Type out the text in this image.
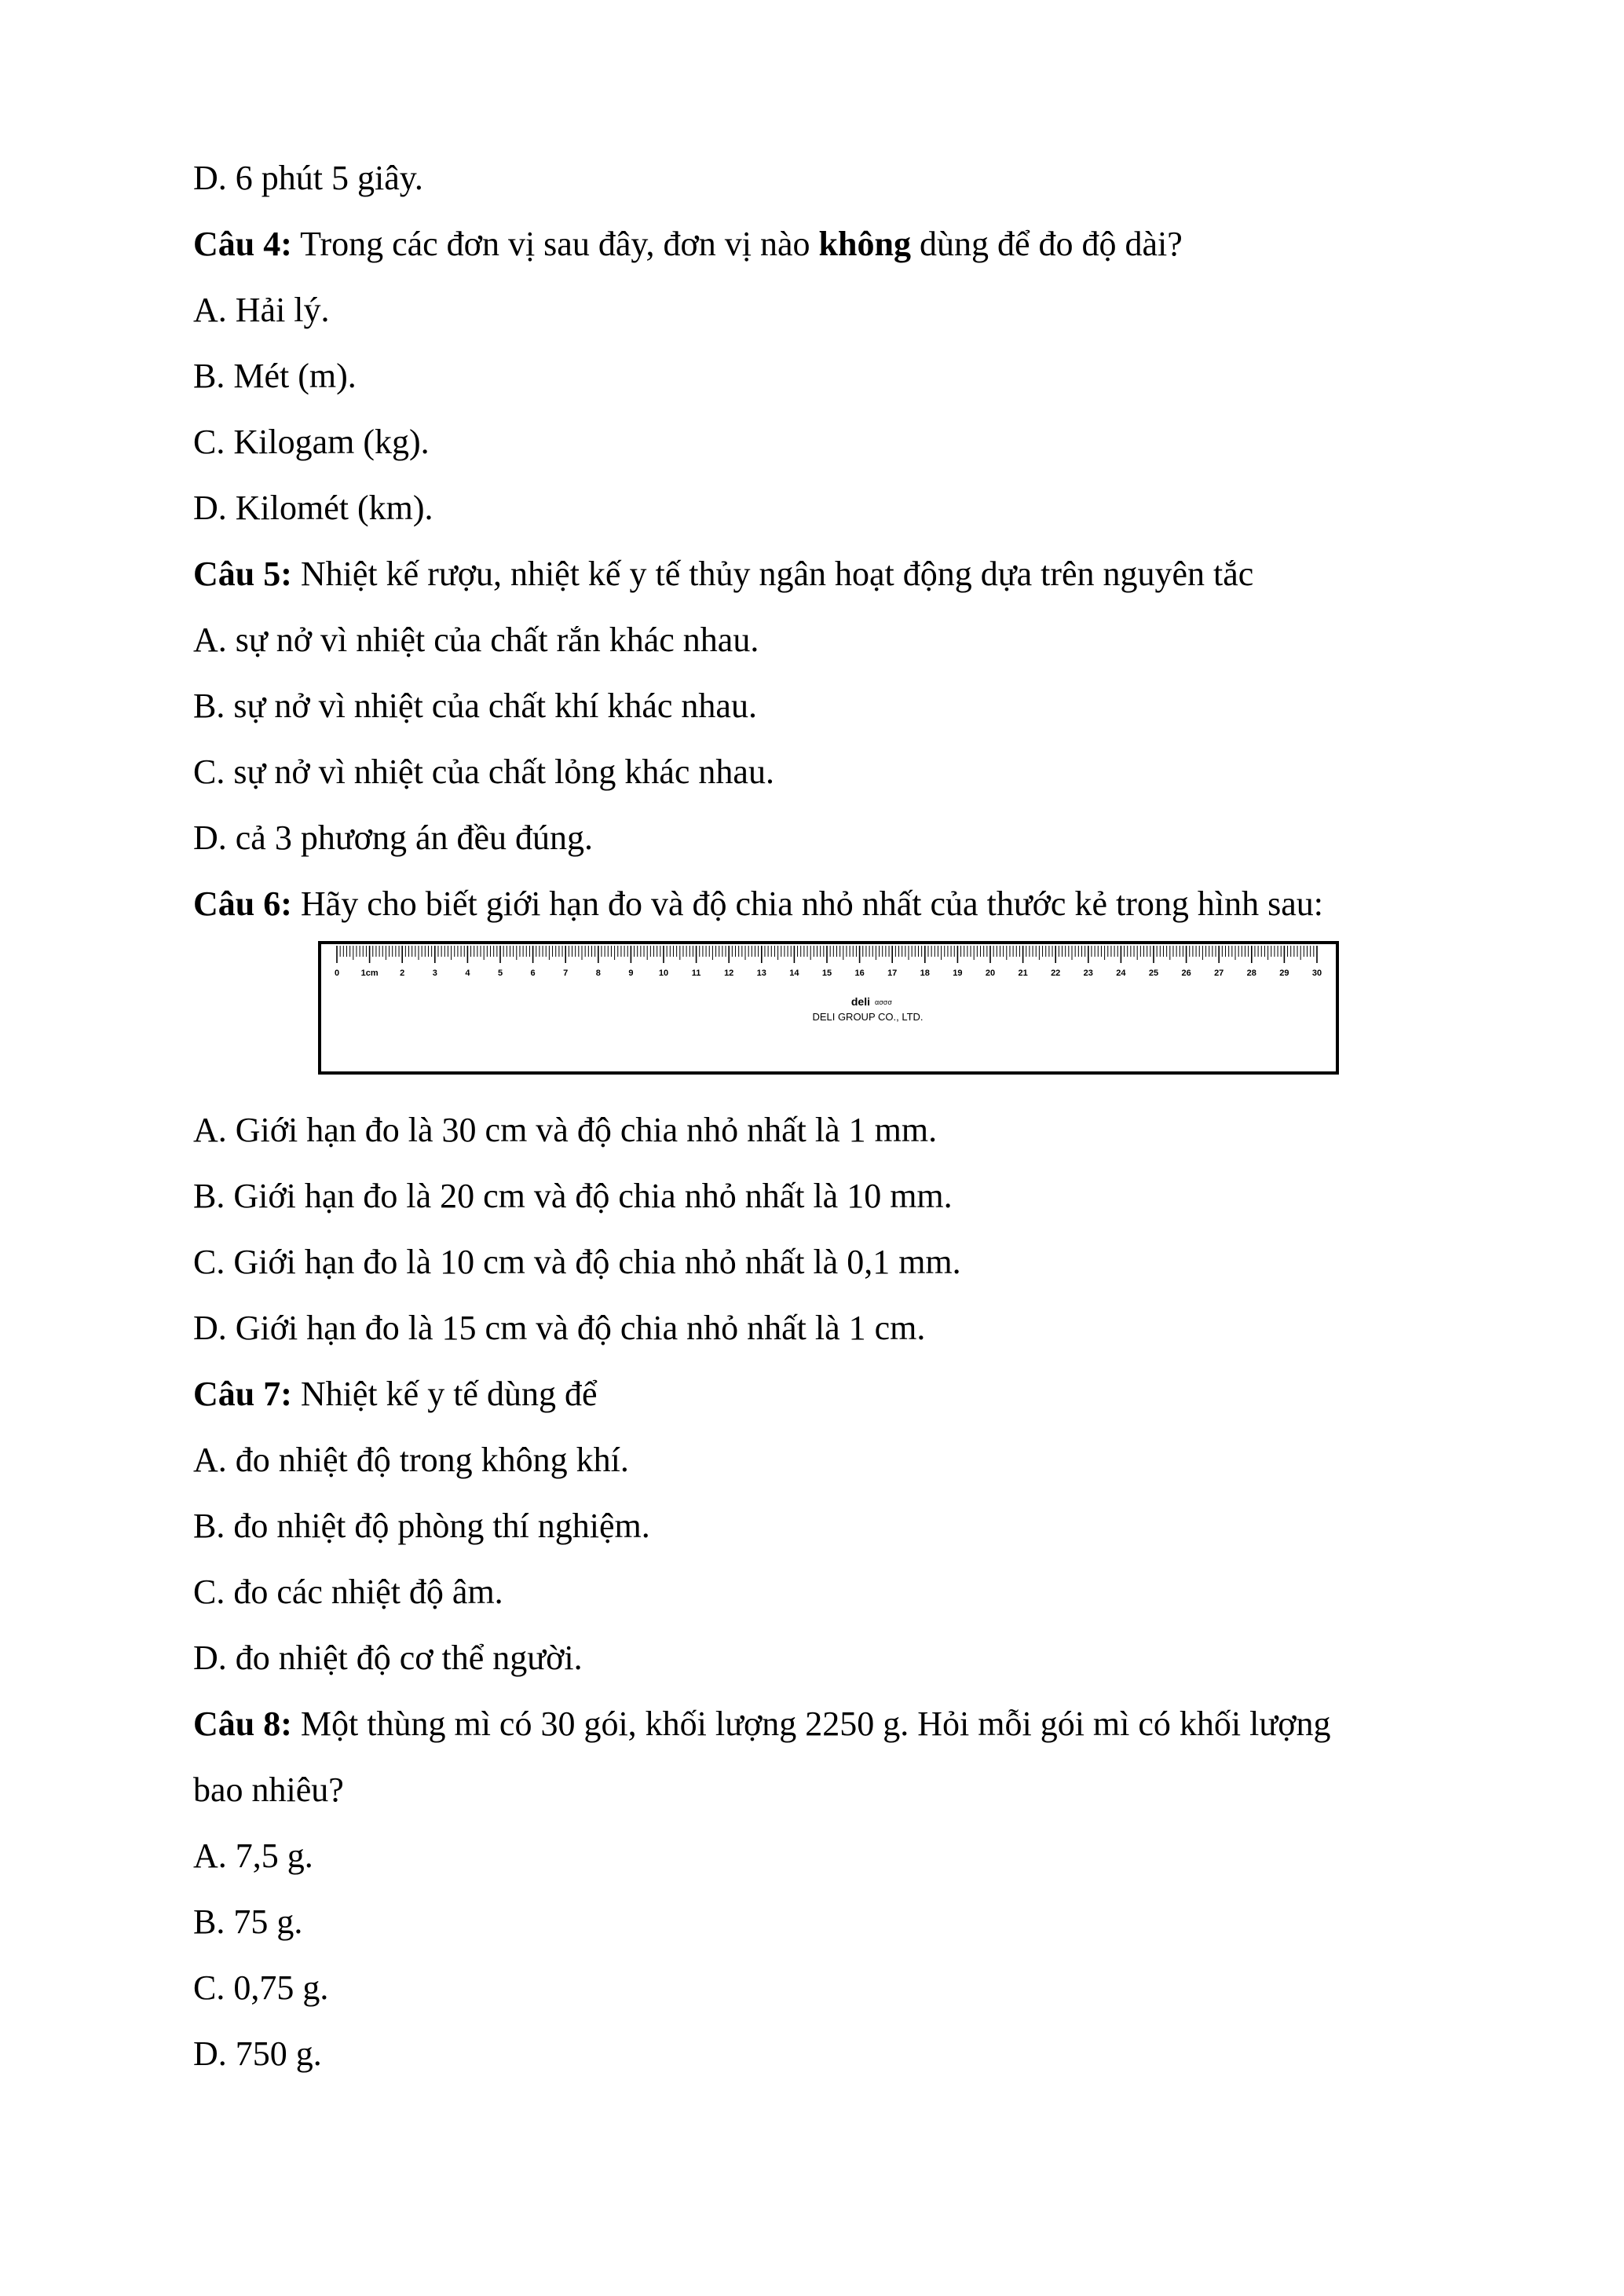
D. 6 phút 5 giây.
Câu 4: Trong các đơn vị sau đây, đơn vị nào không dùng để đo độ dài?
A. Hải lý.
B. Mét (m).
C. Kilogam (kg).
D. Kilomét (km).
Câu 5: Nhiệt kế rượu, nhiệt kế y tế thủy ngân hoạt động dựa trên nguyên tắc
A. sự nở vì nhiệt của chất rắn khác nhau.
B. sự nở vì nhiệt của chất khí khác nhau.
C. sự nở vì nhiệt của chất lỏng khác nhau.
D. cả 3 phương án đều đúng.
Câu 6: Hãy cho biết giới hạn đo và độ chia nhỏ nhất của thước kẻ trong hình sau:
0	1cm	2	3	4	5	6	7	8	9	10	11	12	13	14	15	16	17	18	19	20	21	22	23	24	25	26	27	28	29	30
deli ασσσ
DELI GROUP CO., LTD.
A. Giới hạn đo là 30 cm và độ chia nhỏ nhất là 1 mm.
B. Giới hạn đo là 20 cm và độ chia nhỏ nhất là 10 mm.
C. Giới hạn đo là 10 cm và độ chia nhỏ nhất là 0,1 mm.
D. Giới hạn đo là 15 cm và độ chia nhỏ nhất là 1 cm.
Câu 7: Nhiệt kế y tế dùng để
A. đo nhiệt độ trong không khí.
B. đo nhiệt độ phòng thí nghiệm.
C. đo các nhiệt độ âm.
D. đo nhiệt độ cơ thể người.
Câu 8: Một thùng mì có 30 gói, khối lượng 2250 g. Hỏi mỗi gói mì có khối lượng
bao nhiêu?
A. 7,5 g.
B. 75 g.
C. 0,75 g.
D. 750 g.
